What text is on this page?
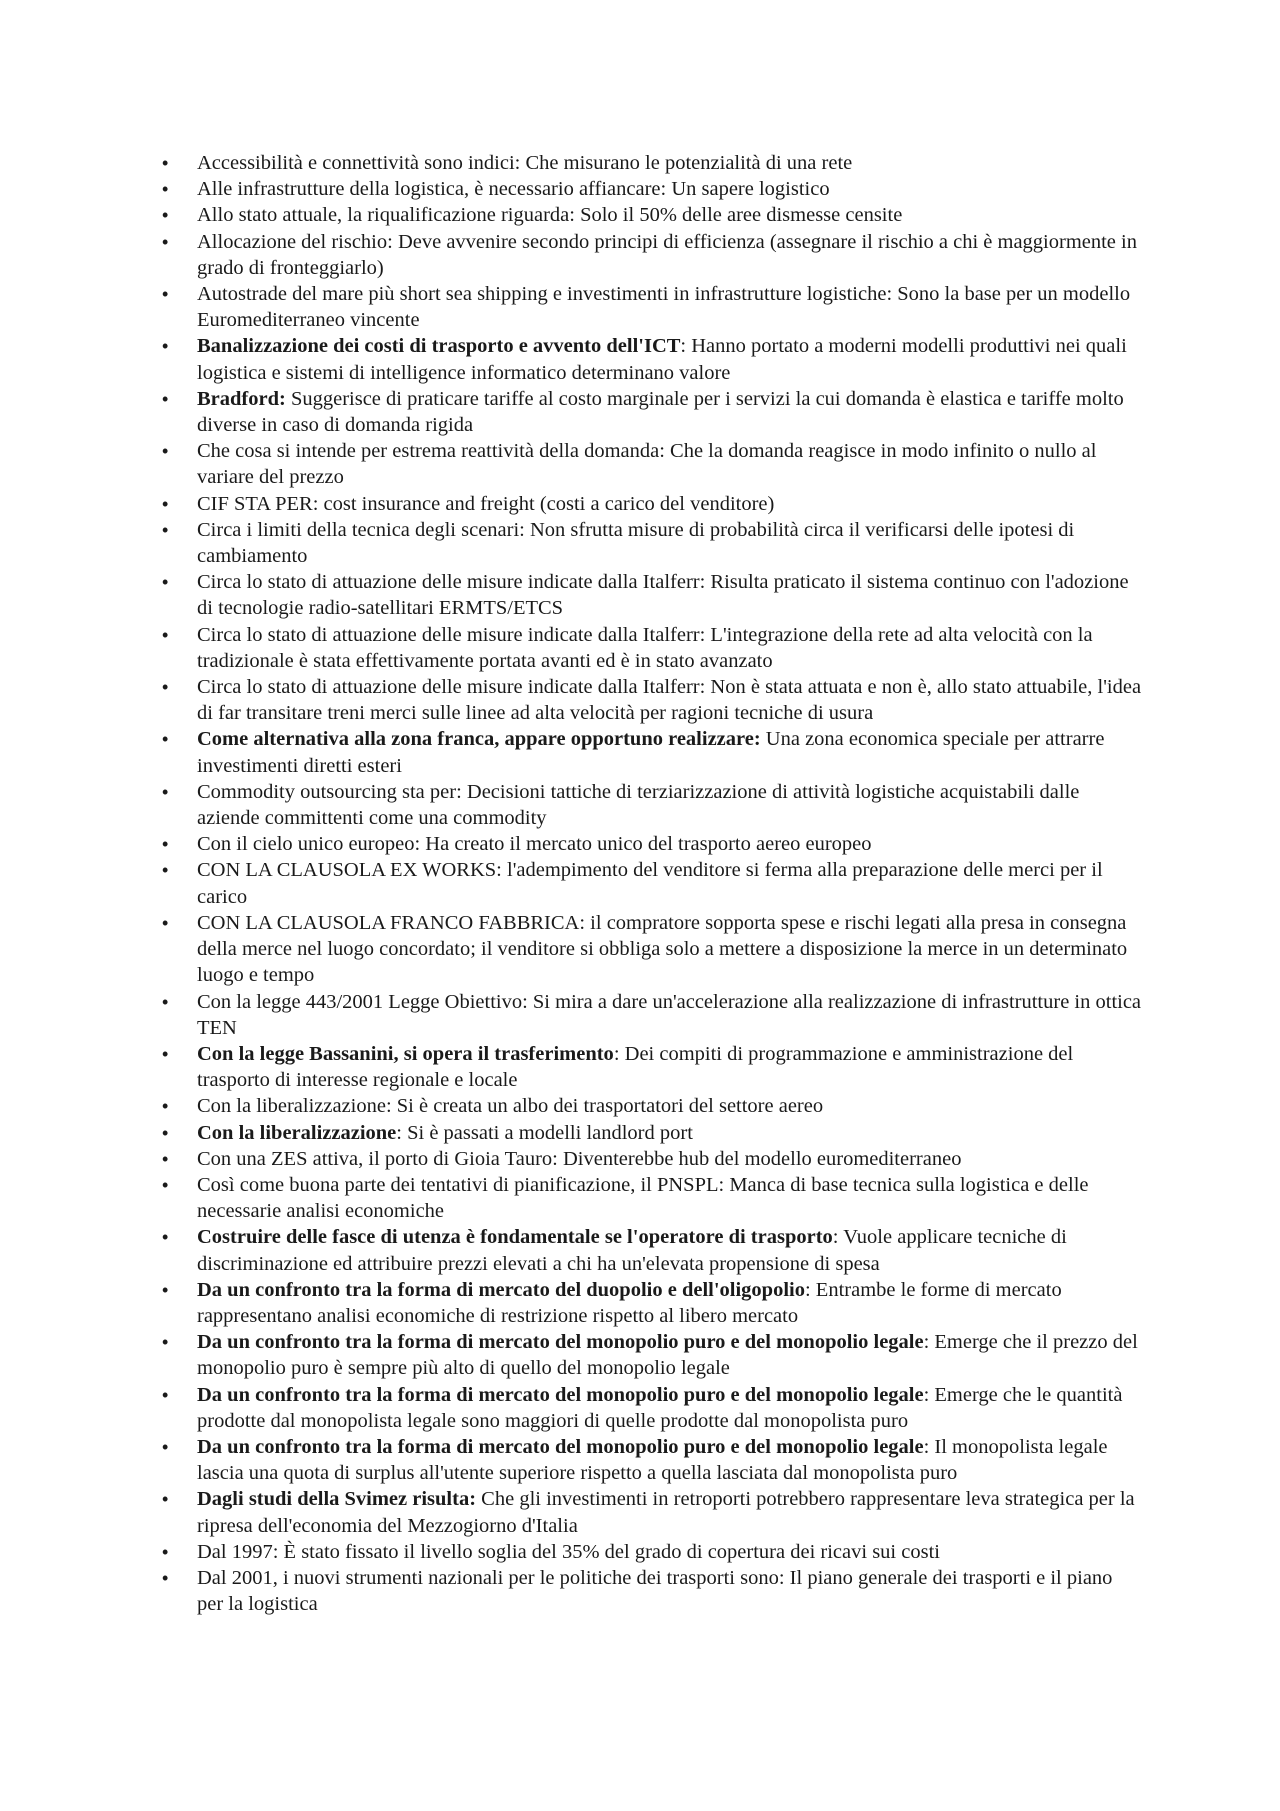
• Accessibilità e connettività sono indici: Che misurano le potenzialità di una rete
• Alle infrastrutture della logistica, è necessario affiancare: Un sapere logistico
• Allo stato attuale, la riqualificazione riguarda: Solo il 50% delle aree dismesse censite
• Allocazione del rischio: Deve avvenire secondo principi di efficienza (assegnare il rischio a chi è maggiormente in grado di fronteggiarlo)
• Autostrade del mare più short sea shipping e investimenti in infrastrutture logistiche: Sono la base per un modello Euromediterraneo vincente
• Banalizzazione dei costi di trasporto e avvento dell'ICT: Hanno portato a moderni modelli produttivi nei quali logistica e sistemi di intelligence informatico determinano valore
• Bradford: Suggerisce di praticare tariffe al costo marginale per i servizi la cui domanda è elastica e tariffe molto diverse in caso di domanda rigida
• Che cosa si intende per estrema reattività della domanda: Che la domanda reagisce in modo infinito o nullo al variare del prezzo
• CIF STA PER: cost insurance and freight (costi a carico del venditore)
• Circa i limiti della tecnica degli scenari: Non sfrutta misure di probabilità circa il verificarsi delle ipotesi di cambiamento
• Circa lo stato di attuazione delle misure indicate dalla Italferr: Risulta praticato il sistema continuo con l'adozione di tecnologie radio-satellitari ERMTS/ETCS
• Circa lo stato di attuazione delle misure indicate dalla Italferr: L'integrazione della rete ad alta velocità con la tradizionale è stata effettivamente portata avanti ed è in stato avanzato
• Circa lo stato di attuazione delle misure indicate dalla Italferr: Non è stata attuata e non è, allo stato attuabile, l'idea di far transitare treni merci sulle linee ad alta velocità per ragioni tecniche di usura
• Come alternativa alla zona franca, appare opportuno realizzare: Una zona economica speciale per attrarre investimenti diretti esteri
• Commodity outsourcing sta per: Decisioni tattiche di terziarizzazione di attività logistiche acquistabili dalle aziende committenti come una commodity
• Con il cielo unico europeo: Ha creato il mercato unico del trasporto aereo europeo
• CON LA CLAUSOLA EX WORKS: l'adempimento del venditore si ferma alla preparazione delle merci per il carico
• CON LA CLAUSOLA FRANCO FABBRICA: il compratore sopporta spese e rischi legati alla presa in consegna della merce nel luogo concordato; il venditore si obbliga solo a mettere a disposizione la merce in un determinato luogo e tempo
• Con la legge 443/2001 Legge Obiettivo: Si mira a dare un'accelerazione alla realizzazione di infrastrutture in ottica TEN
• Con la legge Bassanini, si opera il trasferimento: Dei compiti di programmazione e amministrazione del trasporto di interesse regionale e locale
• Con la liberalizzazione: Si è creata un albo dei trasportatori del settore aereo
• Con la liberalizzazione: Si è passati a modelli landlord port
• Con una ZES attiva, il porto di Gioia Tauro: Diventerebbe hub del modello euromediterraneo
• Così come buona parte dei tentativi di pianificazione, il PNSPL: Manca di base tecnica sulla logistica e delle necessarie analisi economiche
• Costruire delle fasce di utenza è fondamentale se l'operatore di trasporto: Vuole applicare tecniche di discriminazione ed attribuire prezzi elevati a chi ha un'elevata propensione di spesa
• Da un confronto tra la forma di mercato del duopolio e dell'oligopolio: Entrambe le forme di mercato rappresentano analisi economiche di restrizione rispetto al libero mercato
• Da un confronto tra la forma di mercato del monopolio puro e del monopolio legale: Emerge che il prezzo del monopolio puro è sempre più alto di quello del monopolio legale
• Da un confronto tra la forma di mercato del monopolio puro e del monopolio legale: Emerge che le quantità prodotte dal monopolista legale sono maggiori di quelle prodotte dal monopolista puro
• Da un confronto tra la forma di mercato del monopolio puro e del monopolio legale: Il monopolista legale lascia una quota di surplus all'utente superiore rispetto a quella lasciata dal monopolista puro
• Dagli studi della Svimez risulta: Che gli investimenti in retroporti potrebbero rappresentare leva strategica per la ripresa dell'economia del Mezzogiorno d'Italia
• Dal 1997: È stato fissato il livello soglia del 35% del grado di copertura dei ricavi sui costi
• Dal 2001, i nuovi strumenti nazionali per le politiche dei trasporti sono: Il piano generale dei trasporti e il piano per la logistica
